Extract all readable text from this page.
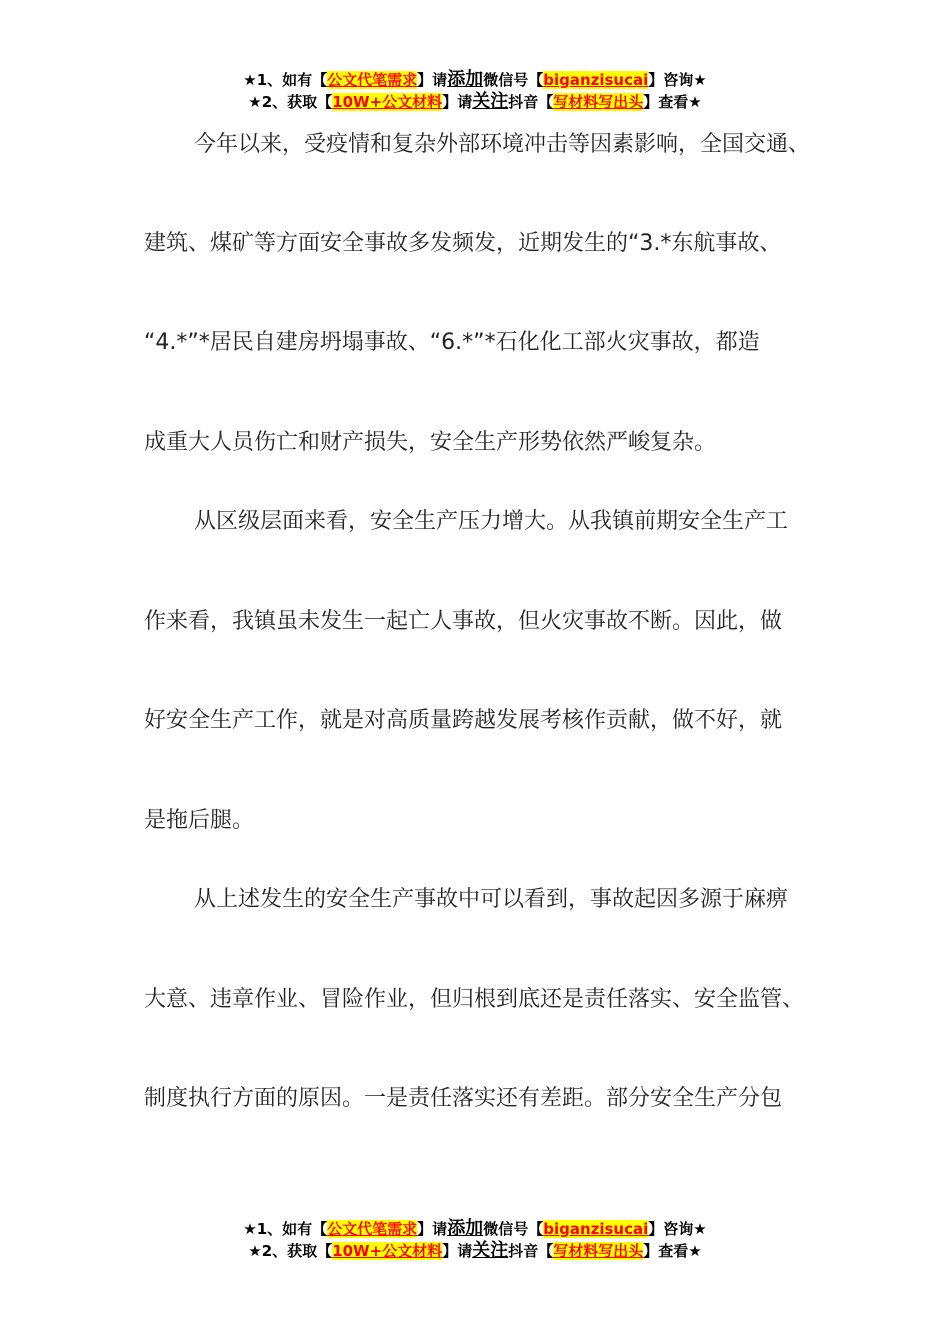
★1、如有【公文代笔需求】请添加微信号【biganzisucai】咨询★
★2、获取【10W+公文材料】请关注抖音【写材料写出头】查看★
今年以来，受疫情和复杂外部环境冲击等因素影响，全国交通、
建筑、煤矿等方面安全事故多发频发，近期发生的“3.*东航事故、
“4.*”*居民自建房坍塌事故、“6.*”*石化化工部火灾事故，都造
成重大人员伤亡和财产损失，安全生产形势依然严峻复杂。
从区级层面来看，安全生产压力增大。从我镇前期安全生产工
作来看，我镇虽未发生一起亡人事故，但火灾事故不断。因此，做
好安全生产工作，就是对高质量跨越发展考核作贡献，做不好，就
是拖后腿。
从上述发生的安全生产事故中可以看到，事故起因多源于麻痹
大意、违章作业、冒险作业，但归根到底还是责任落实、安全监管、
制度执行方面的原因。一是责任落实还有差距。部分安全生产分包
★1、如有【公文代笔需求】请添加微信号【biganzisucai】咨询★
★2、获取【10W+公文材料】请关注抖音【写材料写出头】查看★
